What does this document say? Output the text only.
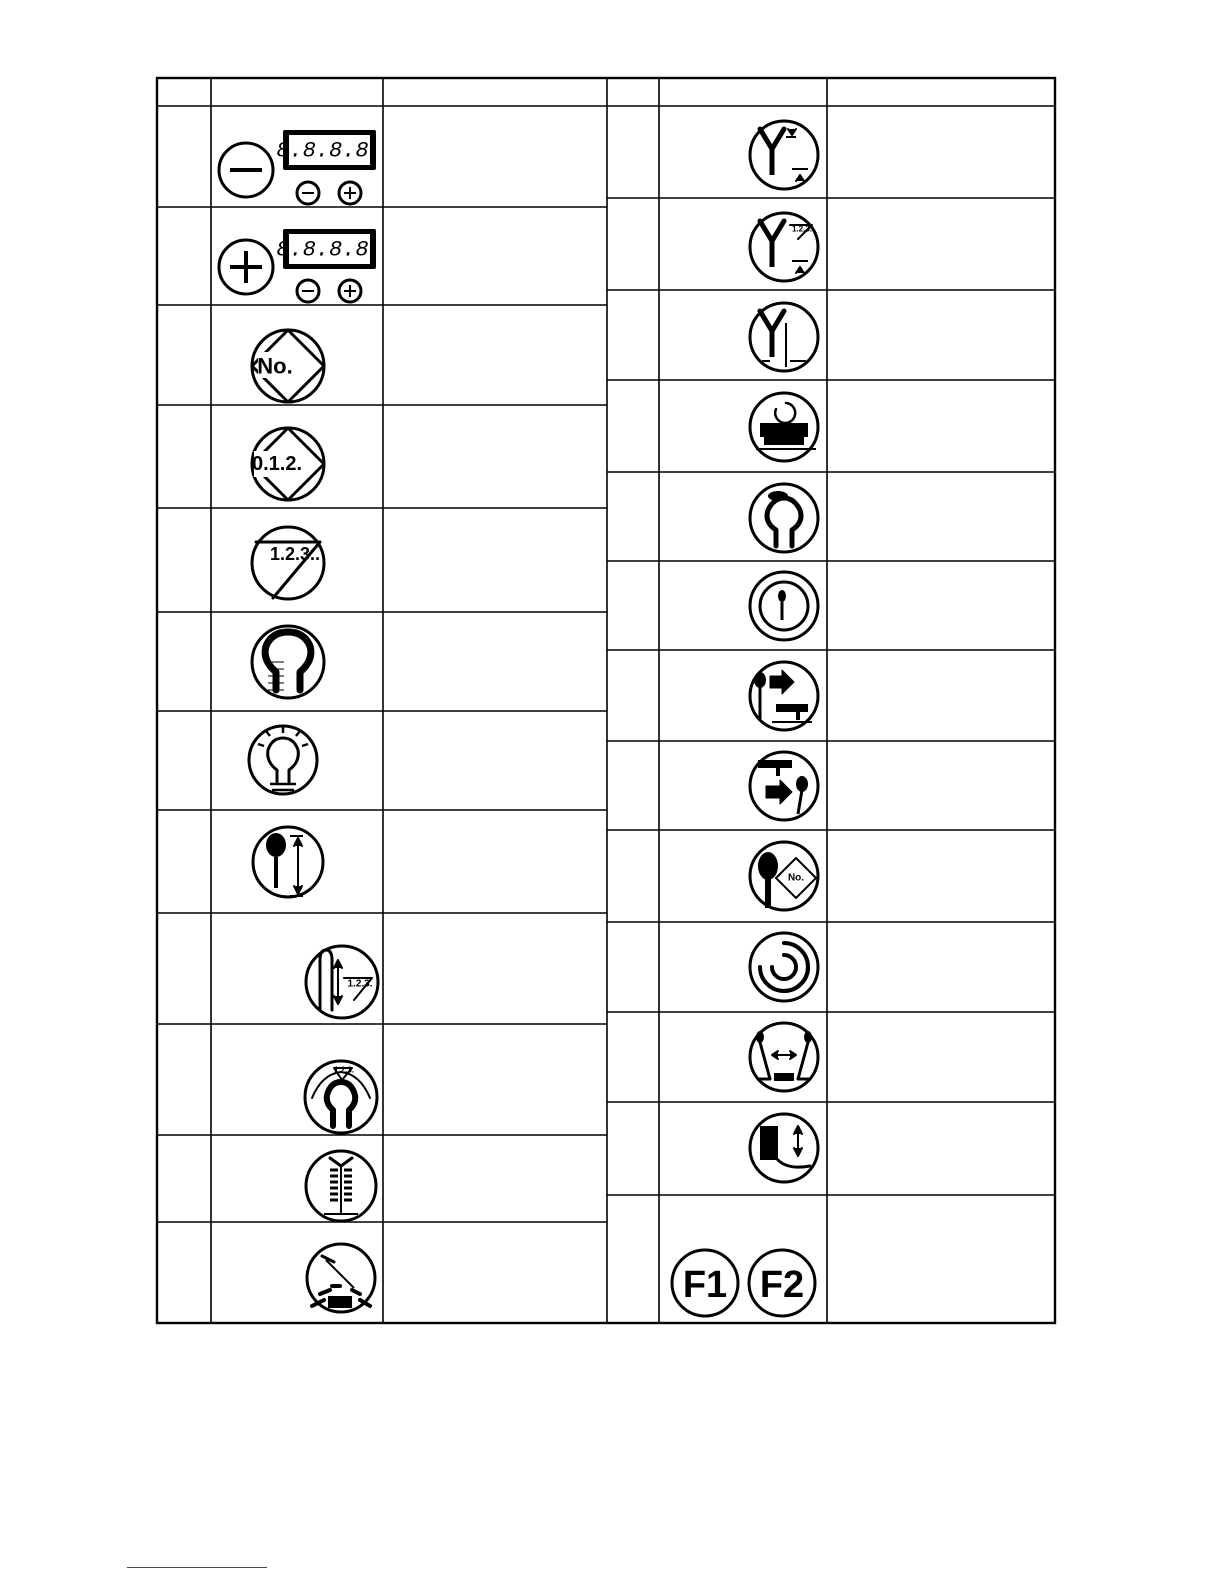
8.8.8.8.
8.8.8.8.
No.
0.1.2.
1.2.3..
1.2.3.
1.2.3.
1.2.3.
No.
F1 F2
